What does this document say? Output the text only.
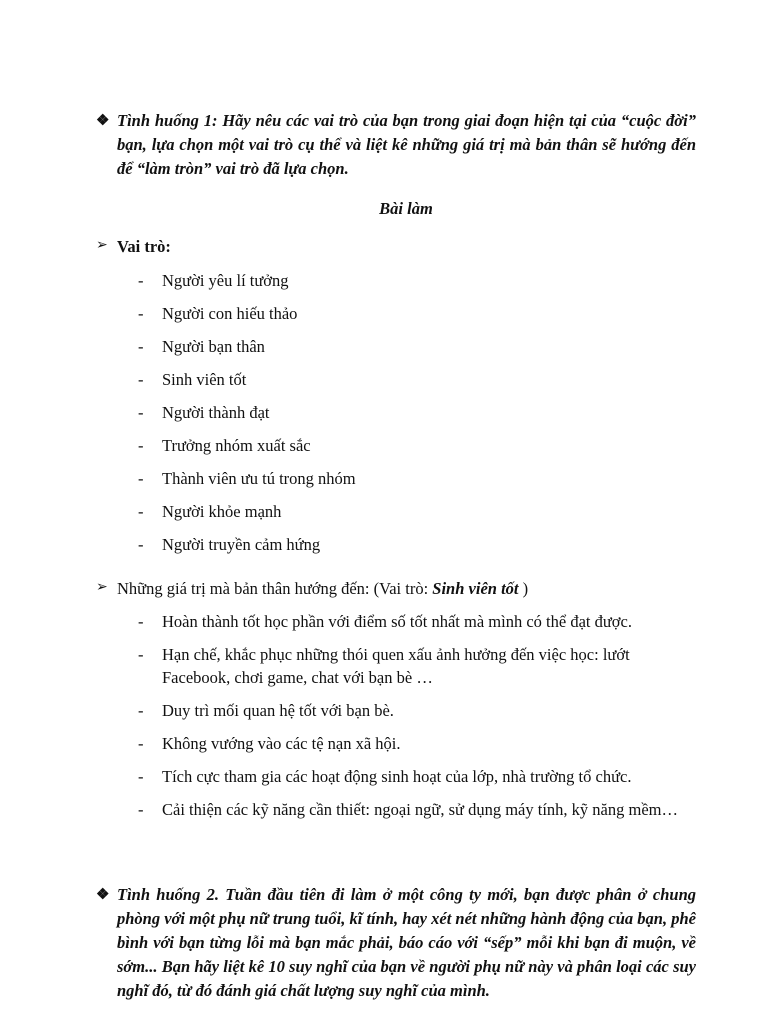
❖ Tình huống 1: Hãy nêu các vai trò của bạn trong giai đoạn hiện tại của “cuộc đời” bạn, lựa chọn một vai trò cụ thể và liệt kê những giá trị mà bản thân sẽ hướng đến để “làm tròn” vai trò đã lựa chọn.
Bài làm
➢ Vai trò:
- Người yêu lí tưởng
- Người con hiếu thảo
- Người bạn thân
- Sinh viên tốt
- Người thành đạt
- Trưởng nhóm xuất sắc
- Thành viên ưu tú trong nhóm
- Người khỏe mạnh
- Người truyền cảm hứng
➢ Những giá trị mà bản thân hướng đến: (Vai trò: Sinh viên tốt )
- Hoàn thành tốt học phần với điểm số tốt nhất mà mình có thể đạt được.
- Hạn chế, khắc phục những thói quen xấu ảnh hưởng đến việc học: lướt Facebook, chơi game, chat với bạn bè …
- Duy trì mối quan hệ tốt với bạn bè.
- Không vướng vào các tệ nạn xã hội.
- Tích cực tham gia các hoạt động sinh hoạt của lớp, nhà trường tổ chức.
- Cải thiện các kỹ năng cần thiết: ngoại ngữ, sử dụng máy tính, kỹ năng mềm…
❖ Tình huống 2. Tuần đầu tiên đi làm ở một công ty mới, bạn được phân ở chung phòng với một phụ nữ trung tuổi, kĩ tính, hay xét nét những hành động của bạn, phê bình với bạn từng lỗi mà bạn mắc phải, báo cáo với “sếp” mỗi khi bạn đi muộn, về sớm... Bạn hãy liệt kê 10 suy nghĩ của bạn về người phụ nữ này và phân loại các suy nghĩ đó, từ đó đánh giá chất lượng suy nghĩ của mình.
